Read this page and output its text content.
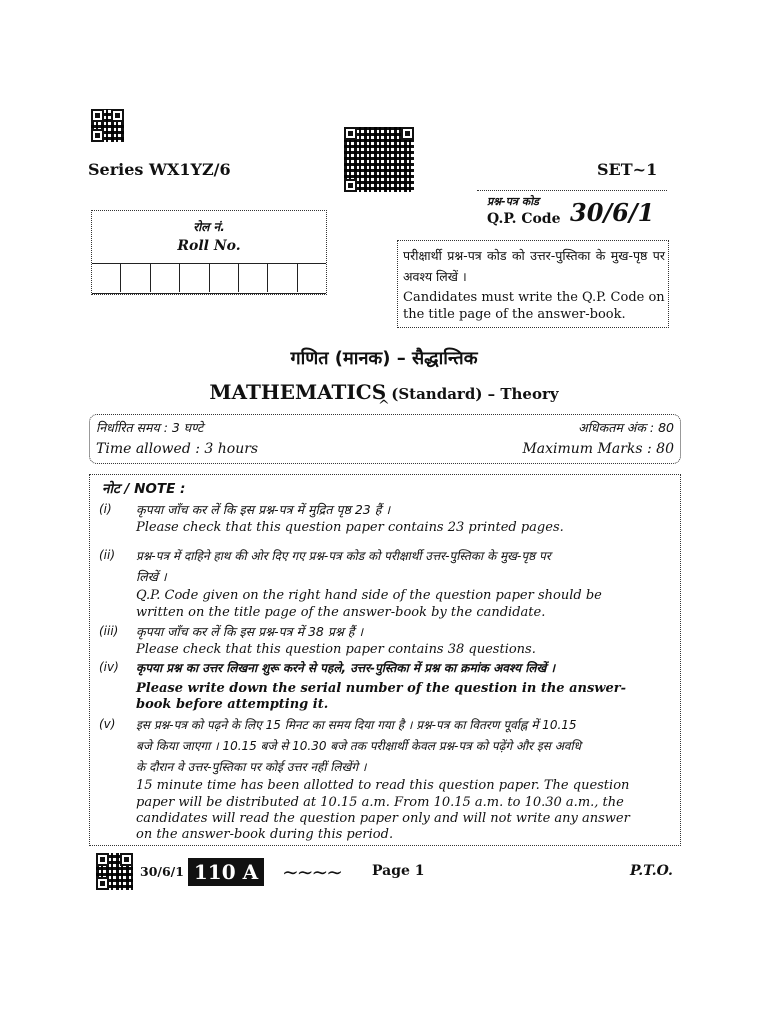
Series WX1YZ/6	SET~1
प्रश्न-पत्र कोड
Q.P. Code 30/6/1
रोल नं.
Roll No.
परीक्षार्थी प्रश्न-पत्र कोड को उत्तर-पुस्तिका के मुख-पृष्ठ पर अवश्य लिखें ।
Candidates must write the Q.P. Code on the title page of the answer-book.
गणित (मानक) – सैद्धान्तिक
MATHEMATICS (Standard) – Theory
^
निर्धारित समय : 3 घण्टे	अधिकतम अंक : 80
Time allowed : 3 hours	Maximum Marks : 80
नोट / NOTE :
(i) कृपया जाँच कर लें कि इस प्रश्न-पत्र में मुद्रित पृष्ठ 23 हैं ।
Please check that this question paper contains 23 printed pages.
(ii) प्रश्न-पत्र में दाहिने हाथ की ओर दिए गए प्रश्न-पत्र कोड को परीक्षार्थी उत्तर-पुस्तिका के मुख-पृष्ठ पर
लिखें ।
Q.P. Code given on the right hand side of the question paper should be
written on the title page of the answer-book by the candidate.
(iii) कृपया जाँच कर लें कि इस प्रश्न-पत्र में 38 प्रश्न हैं ।
Please check that this question paper contains 38 questions.
(iv) कृपया प्रश्न का उत्तर लिखना शुरू करने से पहले, उत्तर-पुस्तिका में प्रश्न का क्रमांक अवश्य लिखें ।
Please write down the serial number of the question in the answer-
book before attempting it.
(v) इस प्रश्न-पत्र को पढ़ने के लिए 15 मिनट का समय दिया गया है । प्रश्न-पत्र का वितरण पूर्वाह्न में 10.15
बजे किया जाएगा । 10.15 बजे से 10.30 बजे तक परीक्षार्थी केवल प्रश्न-पत्र को पढ़ेंगे और इस अवधि
के दौरान वे उत्तर-पुस्तिका पर कोई उत्तर नहीं लिखेंगे ।
15 minute time has been allotted to read this question paper. The question
paper will be distributed at 10.15 a.m. From 10.15 a.m. to 10.30 a.m., the
candidates will read the question paper only and will not write any answer
on the answer-book during this period.
30/6/1 110 A ∼∼∼∼ Page 1	P.T.O.
